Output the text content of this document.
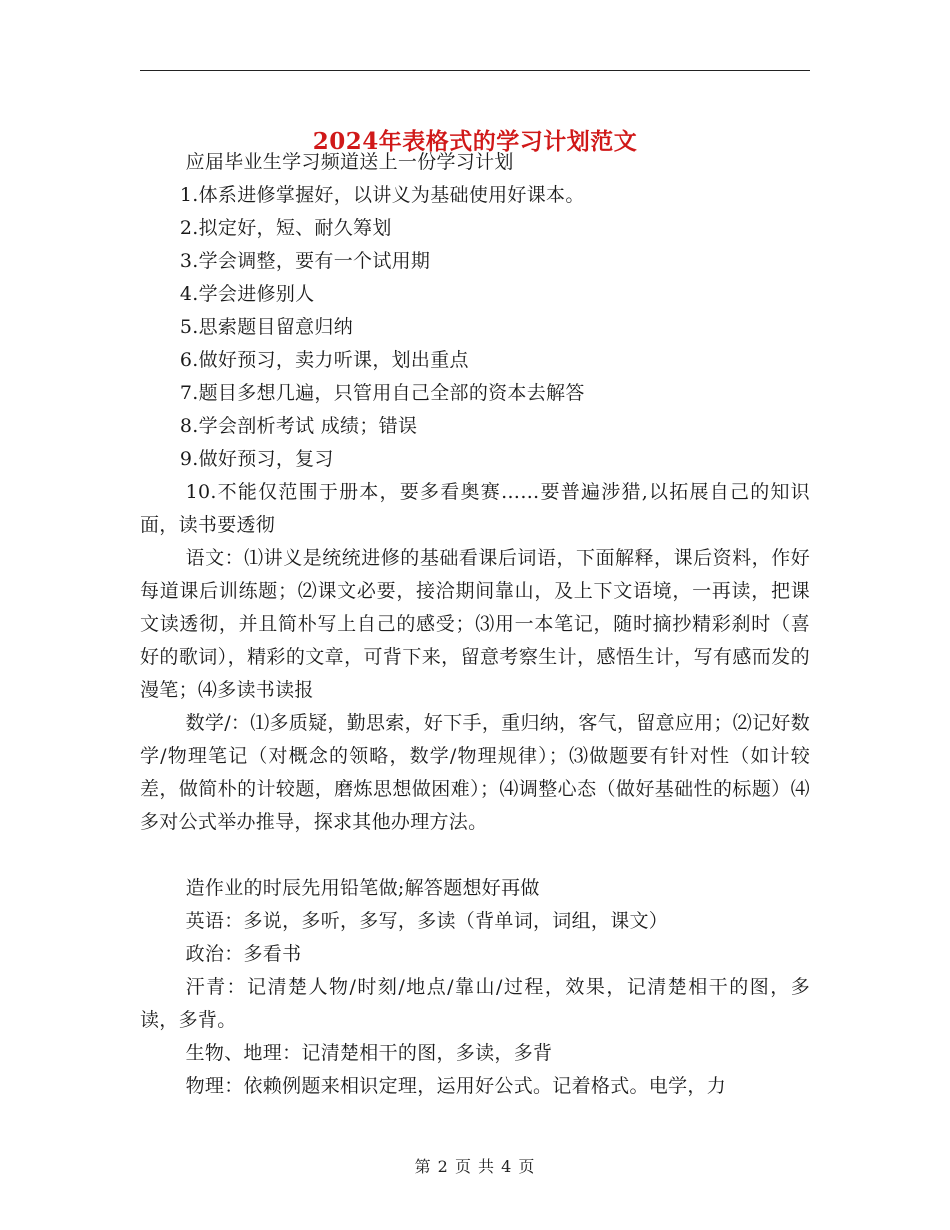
2024年表格式的学习计划范文

应届毕业生学习频道送上一份学习计划

1.体系进修掌握好，以讲义为基础使用好课本。

2.拟定好，短、耐久筹划

3.学会调整，要有一个试用期

4.学会进修别人

5.思索题目留意归纳

6.做好预习，卖力听课，划出重点

7.题目多想几遍，只管用自己全部的资本去解答

8.学会剖析考试 成绩；错误

9.做好预习，复习

10.不能仅范围于册本，要多看奥赛……要普遍涉猎,以拓展自己的知识面，读书要透彻

语文：⑴讲义是统统进修的基础看课后词语，下面解释，课后资料，作好每道课后训练题；⑵课文必要，接洽期间靠山，及上下文语境，一再读，把课文读透彻，并且简朴写上自己的感受；⑶用一本笔记，随时摘抄精彩刹时（喜好的歌词），精彩的文章，可背下来，留意考察生计，感悟生计，写有感而发的漫笔；⑷多读书读报

数学/：⑴多质疑，勤思索，好下手，重归纳，客气，留意应用；⑵记好数学/物理笔记（对概念的领略，数学/物理规律）；⑶做题要有针对性（如计较差，做简朴的计较题，磨炼思想做困难）；⑷调整心态（做好基础性的标题）⑷多对公式举办推导，探求其他办理方法。

造作业的时辰先用铅笔做;解答题想好再做

英语：多说，多听，多写，多读（背单词，词组，课文）

政治：多看书

汗青：记清楚人物/时刻/地点/靠山/过程，效果，记清楚相干的图，多读，多背。

生物、地理：记清楚相干的图，多读，多背

物理：依赖例题来相识定理，运用好公式。记着格式。电学，力

第 2 页 共 4 页
